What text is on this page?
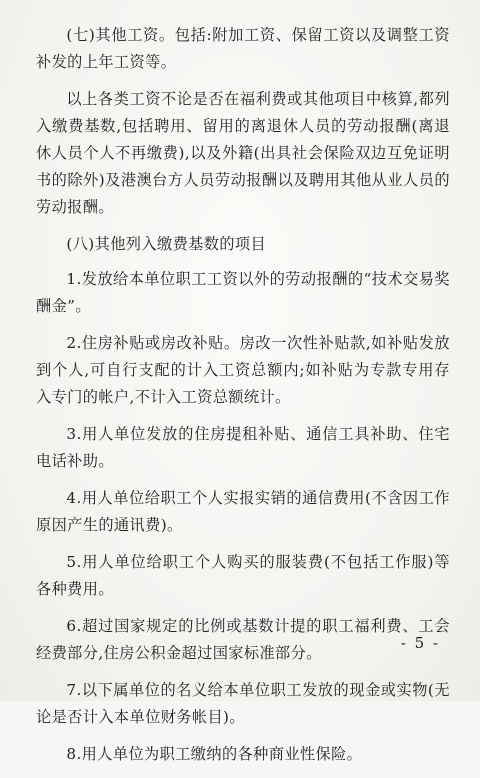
(七)其他工资。包括:附加工资、保留工资以及调整工资补发的上年工资等。

以上各类工资不论是否在福利费或其他项目中核算,都列入缴费基数,包括聘用、留用的离退休人员的劳动报酬(离退休人员个人不再缴费),以及外籍(出具社会保险双边互免证明书的除外)及港澳台方人员劳动报酬以及聘用其他从业人员的劳动报酬。

(八)其他列入缴费基数的项目

1.发放给本单位职工工资以外的劳动报酬的“技术交易奖酬金”。

2.住房补贴或房改补贴。房改一次性补贴款,如补贴发放到个人,可自行支配的计入工资总额内;如补贴为专款专用存入专门的帐户,不计入工资总额统计。

3.用人单位发放的住房提租补贴、通信工具补助、住宅电话补助。

4.用人单位给职工个人实报实销的通信费用(不含因工作原因产生的通讯费)。

5.用人单位给职工个人购买的服装费(不包括工作服)等各种费用。

6.超过国家规定的比例或基数计提的职工福利费、工会经费部分,住房公积金超过国家标准部分。

7.以下属单位的名义给本单位职工发放的现金或实物(无论是否计入本单位财务帐目)。

8.用人单位为职工缴纳的各种商业性保险。

- 5 -
